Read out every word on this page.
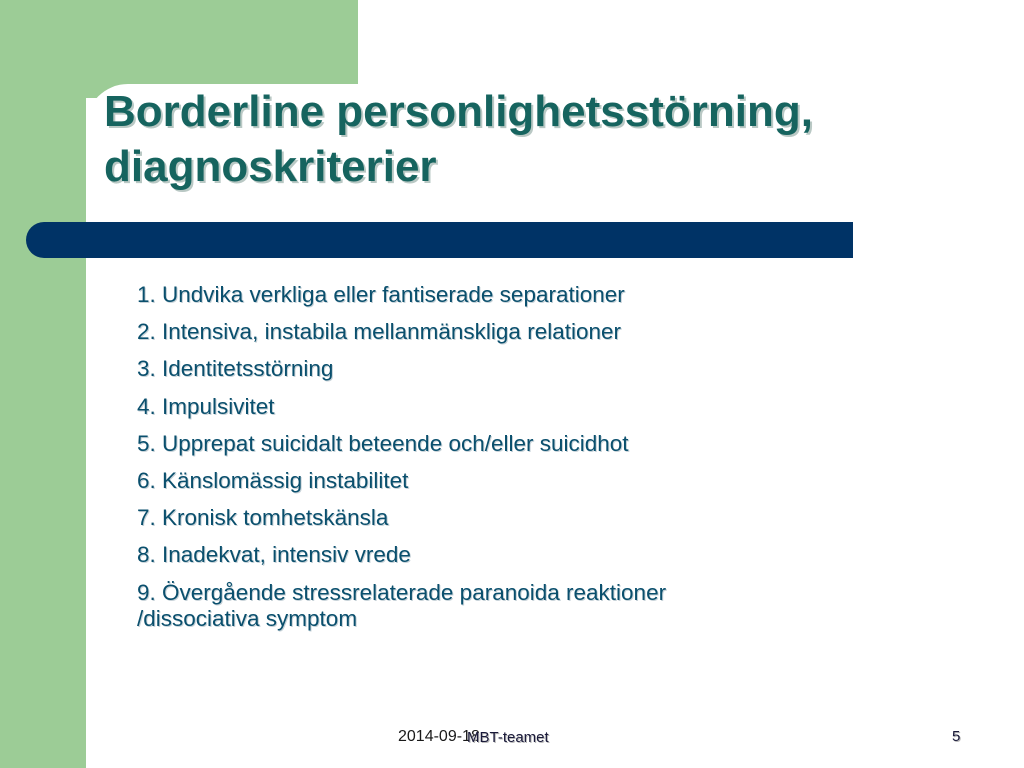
Borderline personlighetsstörning,
diagnoskriterier
1. Undvika verkliga eller fantiserade separationer
2. Intensiva, instabila mellanmänskliga relationer
3. Identitetsstörning
4. Impulsivitet
5. Upprepat suicidalt beteende och/eller suicidhot
6. Känslomässig instabilitet
7. Kronisk tomhetskänsla
8. Inadekvat, intensiv vrede
9. Övergående stressrelaterade paranoida reaktioner
/dissociativa symptom
2014-09-18
MBT-teamet	5
